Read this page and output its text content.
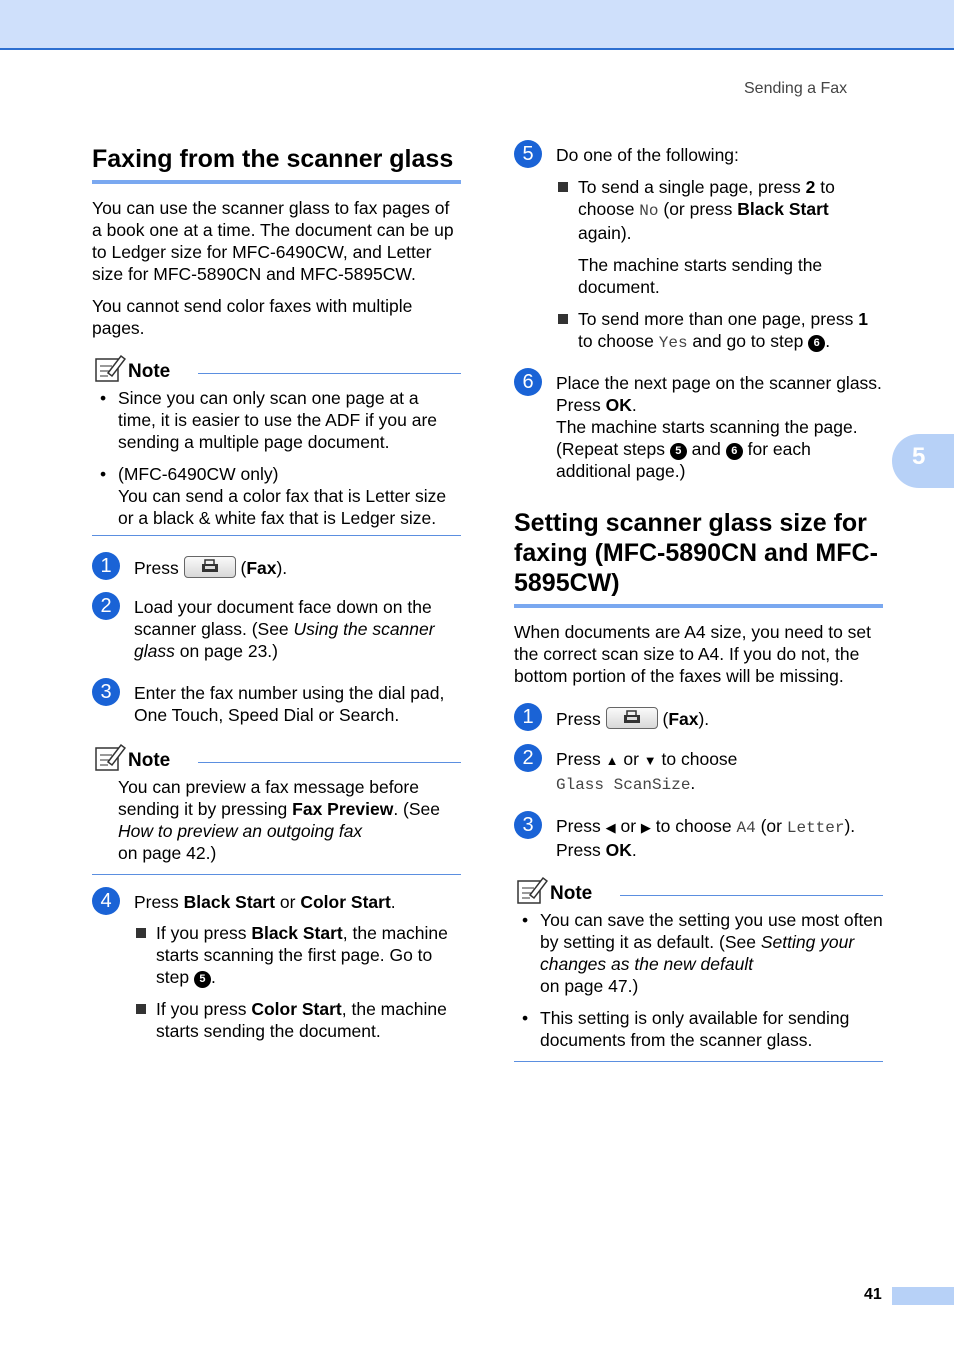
Sending a Fax
5
Faxing from the scanner glass

You can use the scanner glass to fax pages of a book one at a time. The document can be up to Ledger size for MFC-6490CW, and Letter size for MFC-5890CN and MFC-5895CW.

You cannot send color faxes with multiple pages.

Note
• Since you can only scan one page at a time, it is easier to use the ADF if you are sending a multiple page document.
• (MFC-6490CW only)
You can send a color fax that is Letter size or a black & white fax that is Ledger size.
1	Press	(Fax).
2	Load your document face down on the scanner glass. (See Using the scanner glass on page 23.)
3	Enter the fax number using the dial pad, One Touch, Speed Dial or Search.
Note

You can preview a fax message before sending it by pressing Fax Preview. (See How to preview an outgoing fax
on page 42.)

4	Press Black Start or Color Start.
If you press Black Start, the machine starts scanning the first page. Go to step 5 .
If you press Color Start, the machine starts sending the document.
5	Do one of the following:
To send a single page, press 2 to choose No (or press Black Start again).

The machine starts sending the document.

To send more than one page, press 1 to choose Yes and go to step 6 .
6	Place the next page on the scanner glass.
Press OK.
The machine starts scanning the page.
(Repeat steps 5 and 6 for each additional page.)
Setting scanner glass size for faxing (MFC-5890CN and MFC-5895CW)

When documents are A4 size, you need to set the correct scan size to A4. If you do not, the bottom portion of the faxes will be missing.

1	Press	(Fax).
2	Press ▲ or ▼ to choose
Glass ScanSize.
3	Press ◀ or ▶ to choose A4 (or Letter).
Press OK.
Note
• You can save the setting you use most often by setting it as default. (See Setting your changes as the new default
on page 47.)
• This setting is only available for sending documents from the scanner glass.
41
